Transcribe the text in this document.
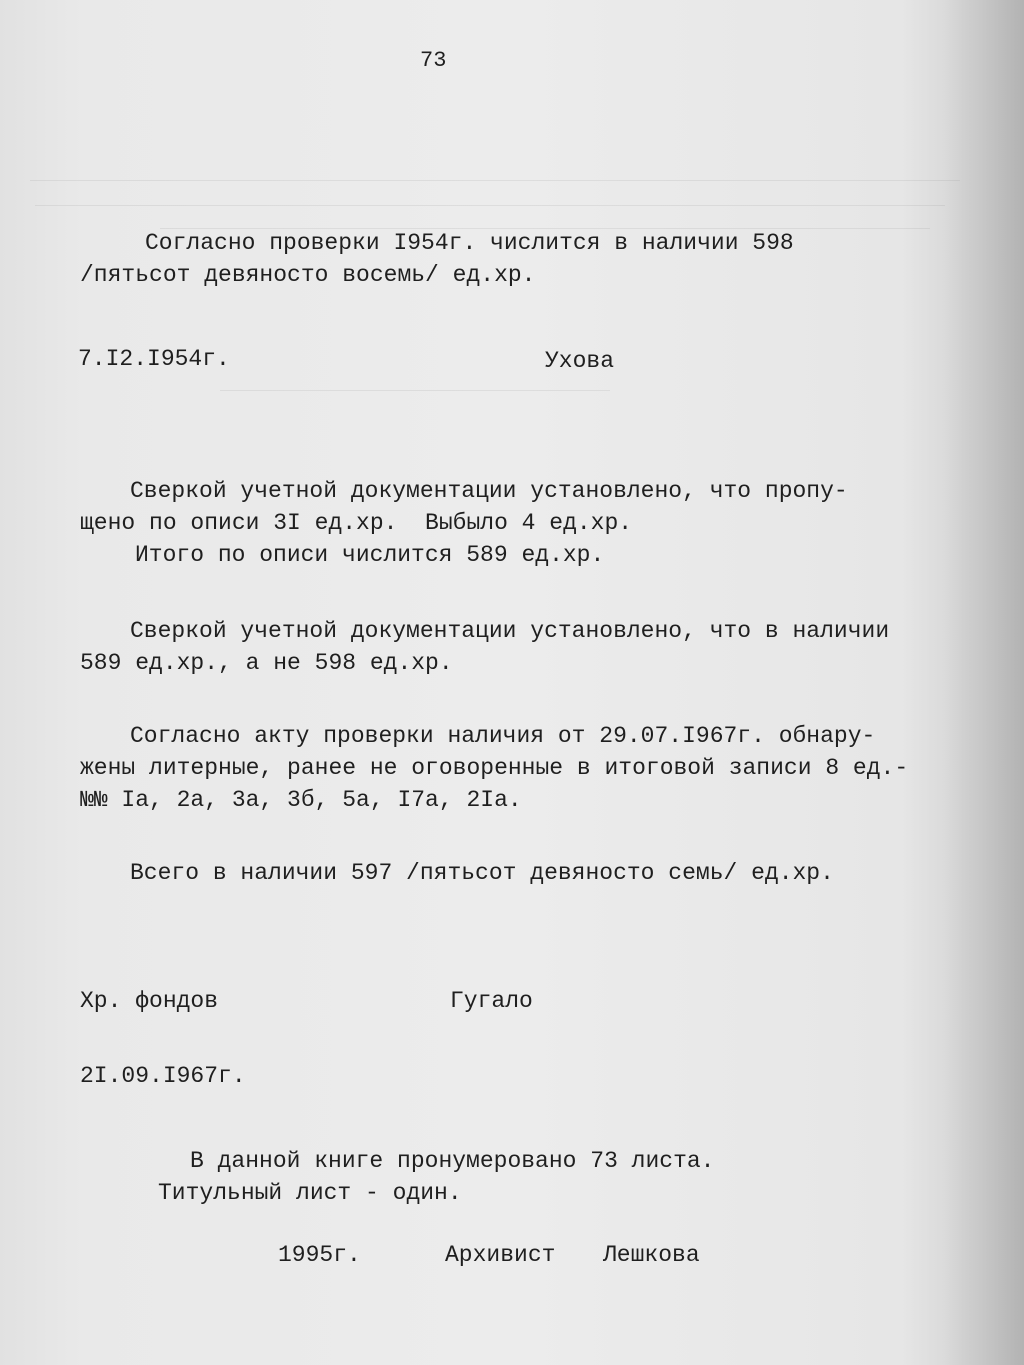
73

Согласно проверки I954г. числится в наличии 598

/пятьсот девяносто восемь/ ед.хр.

7.I2.I954г.	Ухова

Сверкой учетной документации установлено, что пропу-

щено по описи 3I ед.хр.  Выбыло 4 ед.хр.

Итого по описи числится 589 ед.хр.

Сверкой учетной документации установлено, что в наличии

589 ед.хр., а не 598 ед.хр.

Согласно акту проверки наличия от 29.07.I967г. обнару-

жены литерные, ранее не оговоренные в итоговой записи 8 ед.-

№№ Iа, 2а, 3а, 3б, 5а, I7а, 2Iа.

Всего в наличии 597 /пятьсот девяносто семь/ ед.хр.

Хр. фондов	Гугало

2I.09.I967г.

В данной книге пронумеровано 73 листа.

Титульный лист - один.

1995г.	Архивист Лешкова
